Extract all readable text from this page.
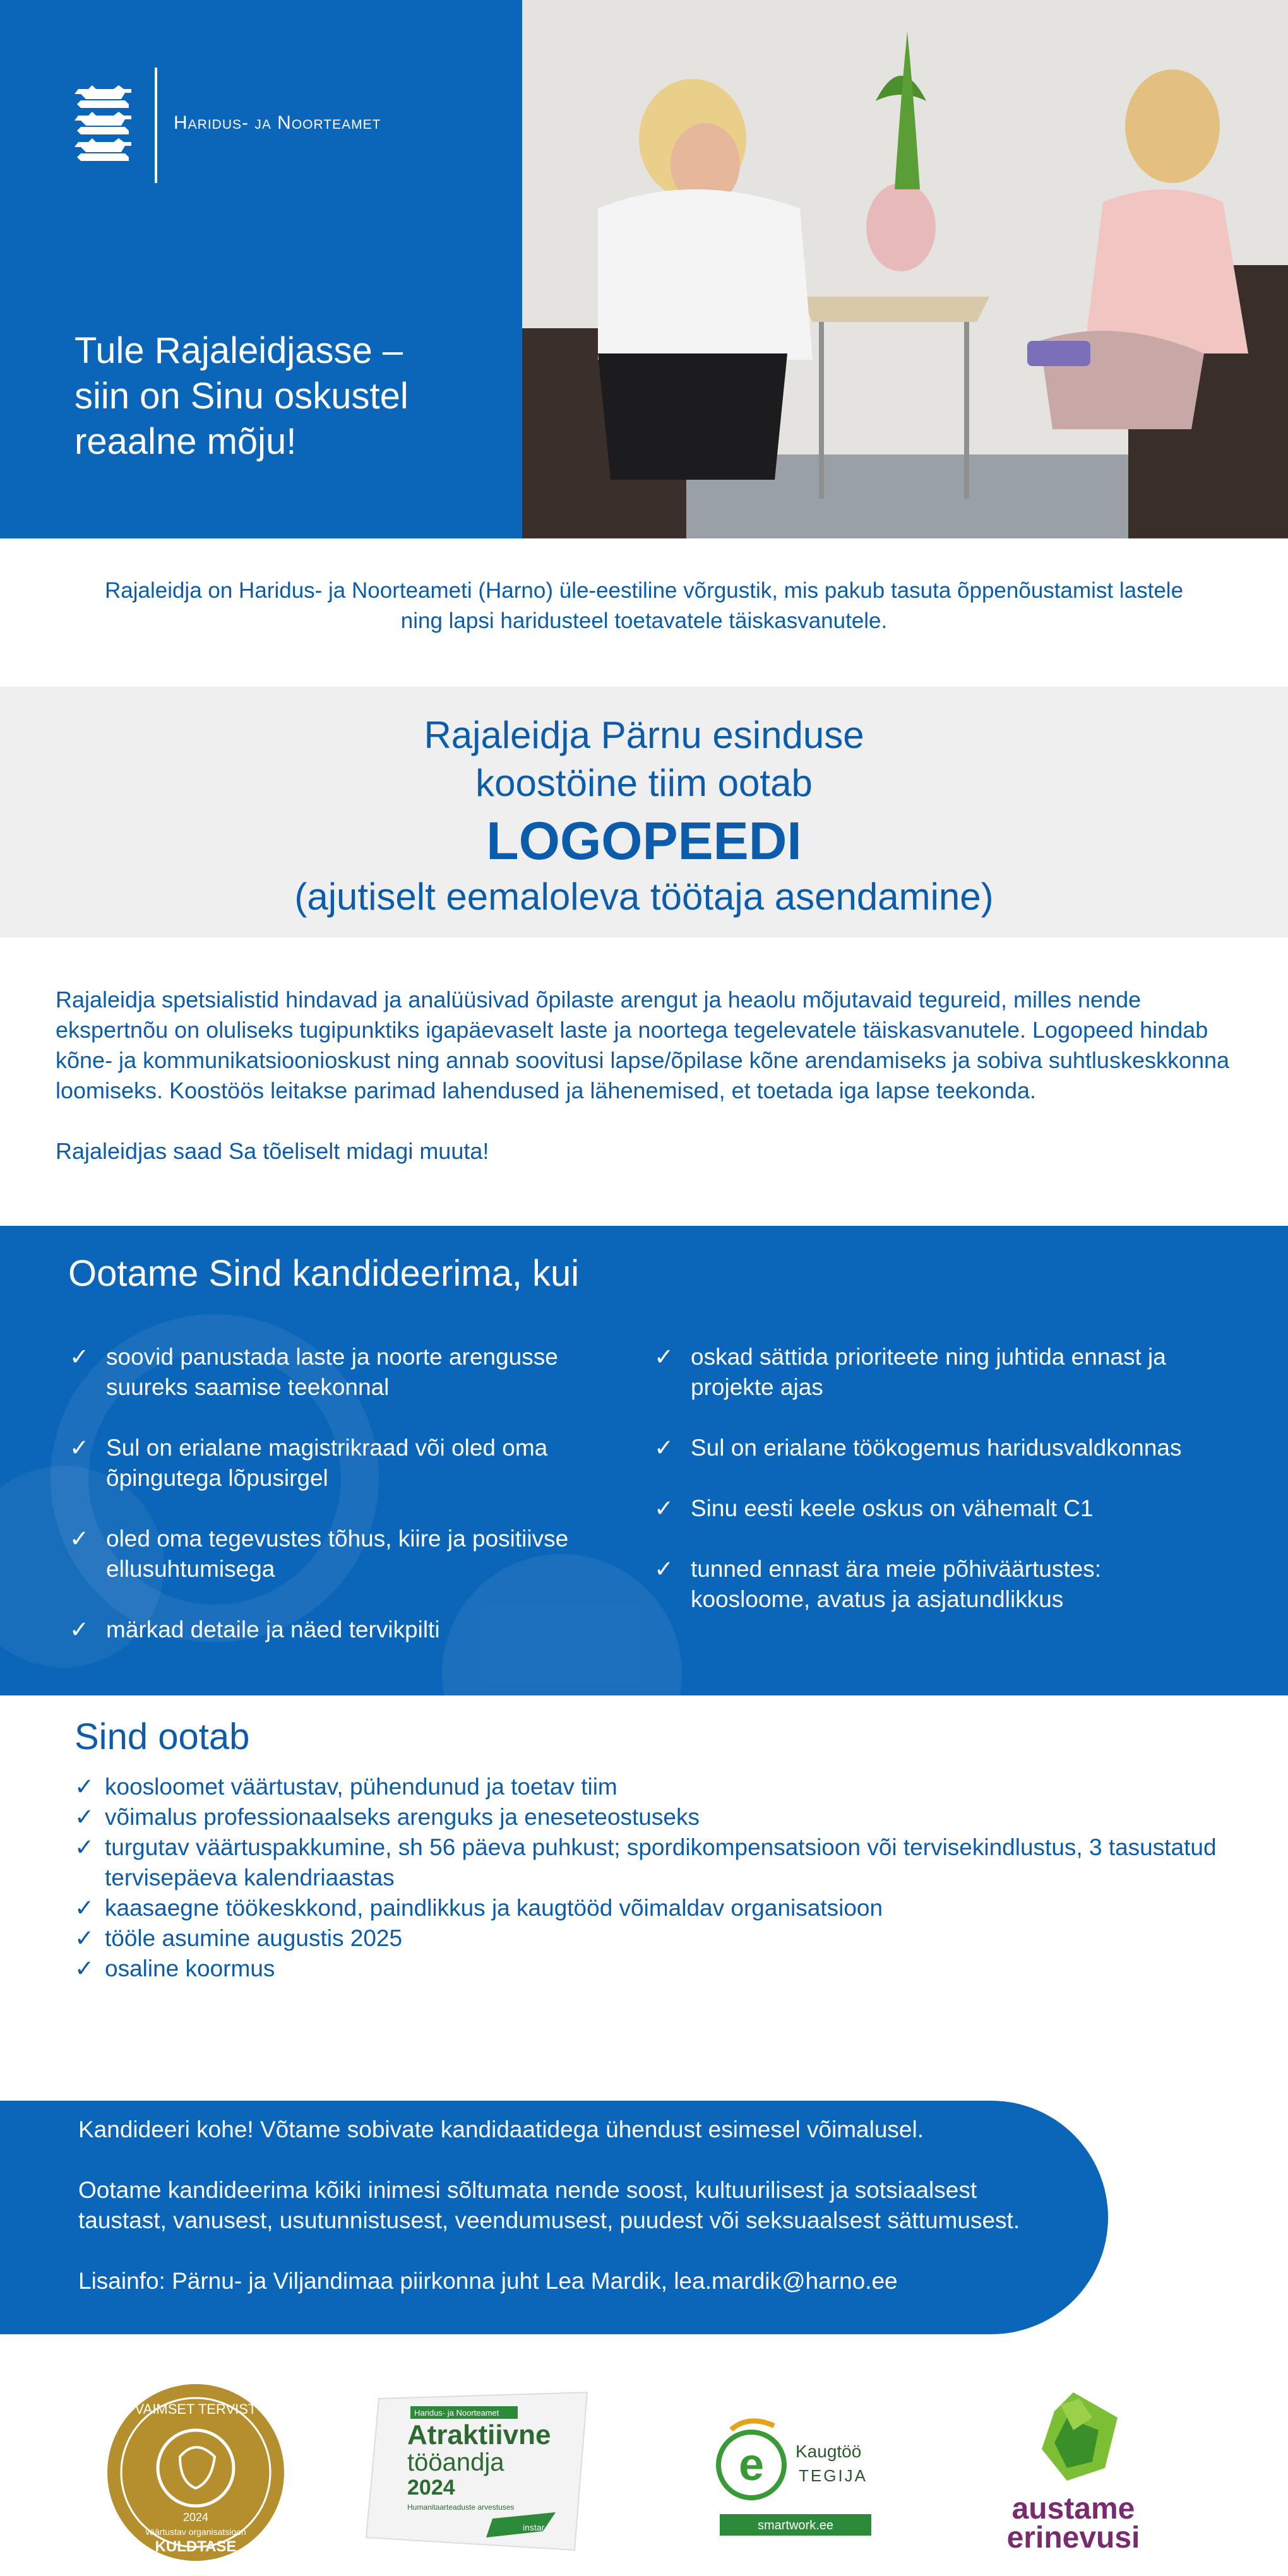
Haridus- ja Noorteamet
Tule Rajaleidjasse –
siin on Sinu oskustel
reaalne mõju!
Rajaleidja on Haridus- ja Noorteameti (Harno) üle-eestiline võrgustik, mis pakub tasuta õppenõustamist lastele
ning lapsi haridusteel toetavatele täiskasvanutele.
Rajaleidja Pärnu esinduse
koostöine tiim ootab
LOGOPEEDI
(ajutiselt eemaloleva töötaja asendamine)

Rajaleidja spetsialistid hindavad ja analüüsivad õpilaste arengut ja heaolu mõjutavaid tegureid, milles nende ekspertnõu on oluliseks tugipunktiks igapäevaselt laste ja noortega tegelevatele täiskasvanutele. Logopeed hindab kõne- ja kommunikatsioonioskust ning annab soovitusi lapse/õpilase kõne arendamiseks ja sobiva suhtluskeskkonna loomiseks. Koostöös leitakse parimad lahendused ja lähenemised, et toetada iga lapse teekonda.

Rajaleidjas saad Sa tõeliselt midagi muuta!

Ootame Sind kandideerima, kui
✓ soovid panustada laste ja noorte arengusse suureks saamise teekonnal
✓ Sul on erialane magistrikraad või oled oma õpingutega lõpusirgel
✓ oled oma tegevustes tõhus, kiire ja positiivse ellusuhtumisega
✓ märkad detaile ja näed tervikpilti
✓ oskad sättida prioriteete ning juhtida ennast ja projekte ajas
✓ Sul on erialane töökogemus haridusvaldkonnas
✓ Sinu eesti keele oskus on vähemalt C1
✓ tunned ennast ära meie põhiväärtustes: koosloome, avatus ja asjatundlikkus
Sind ootab
✓ koosloomet väärtustav, pühendunud ja toetav tiim
✓ võimalus professionaalseks arenguks ja eneseteostuseks
✓ turgutav väärtuspakkumine, sh 56 päeva puhkust; spordikompensatsioon või tervisekindlustus, 3 tasustatud tervisepäeva kalendriaastas
✓ kaasaegne töökeskkond, paindlikkus ja kaugtööd võimaldav organisatsioon
✓ tööle asumine augustis 2025
✓ osaline koormus

Kandideeri kohe! Võtame sobivate kandidaatidega ühendust esimesel võimalusel.

Ootame kandideerima kõiki inimesi sõltumata nende soost, kultuurilisest ja sotsiaalsest taustast, vanusest, usutunnistusest, veendumusest, puudest või seksuaalsest sättumusest.

Lisainfo: Pärnu- ja Viljandimaa piirkonna juht Lea Mardik, lea.mardik@harno.ee

VAIMSET TERVIST
2024
väärtustav organisatsioon
KULDTASE
Haridus- ja Noorteamet
Atraktiivne
tööandja
2024
Humanitaarteaduste arvestuses
instar
e Kaugtöö
TEGIJA
smartwork.ee	austame
erinevusi
